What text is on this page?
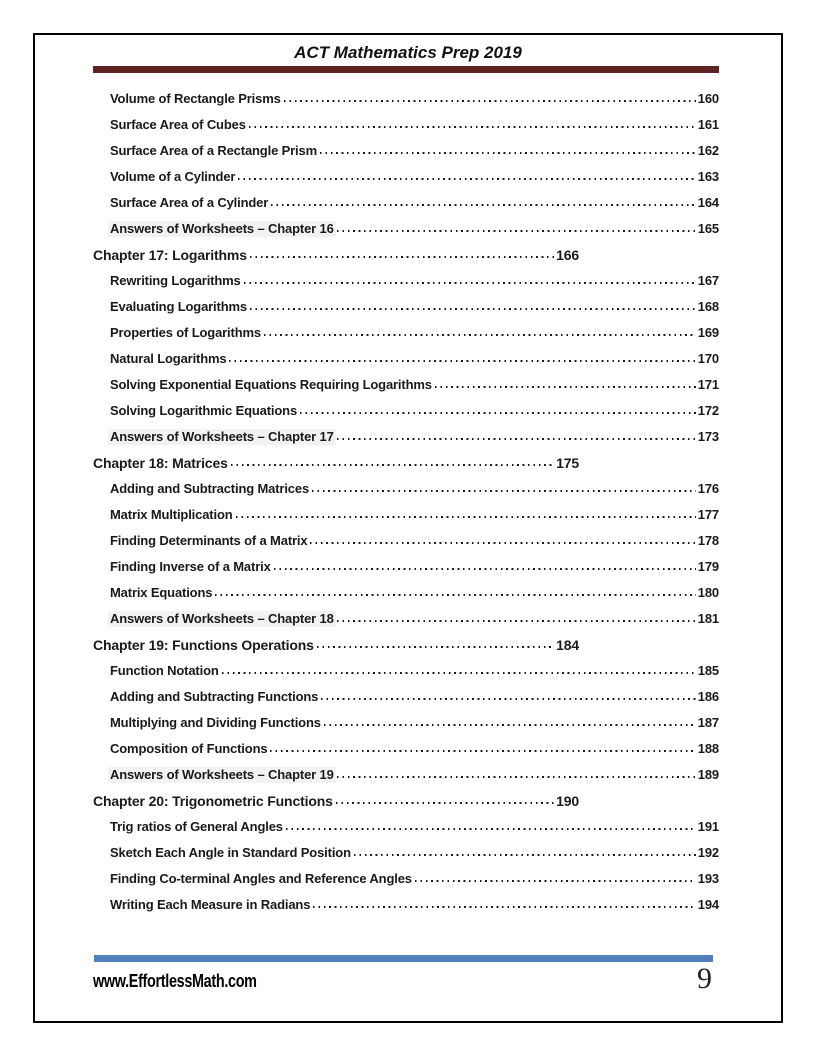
ACT Mathematics Prep 2019
Volume of Rectangle Prisms	160
Surface Area of Cubes	161
Surface Area of a Rectangle Prism	162
Volume of a Cylinder	163
Surface Area of a Cylinder	164
Answers of Worksheets – Chapter 16	165
Chapter 17: Logarithms	166
Rewriting Logarithms	167
Evaluating Logarithms	168
Properties of Logarithms	169
Natural Logarithms	170
Solving Exponential Equations Requiring Logarithms	171
Solving Logarithmic Equations	172
Answers of Worksheets – Chapter 17	173
Chapter 18: Matrices	175
Adding and Subtracting Matrices	176
Matrix Multiplication	177
Finding Determinants of a Matrix	178
Finding Inverse of a Matrix	179
Matrix Equations	180
Answers of Worksheets – Chapter 18	181
Chapter 19: Functions Operations	184
Function Notation	185
Adding and Subtracting Functions	186
Multiplying and Dividing Functions	187
Composition of Functions	188
Answers of Worksheets – Chapter 19	189
Chapter 20: Trigonometric Functions	190
Trig ratios of General Angles	191
Sketch Each Angle in Standard Position	192
Finding Co-terminal Angles and Reference Angles	193
Writing Each Measure in Radians	194
www.EffortlessMath.com	9
